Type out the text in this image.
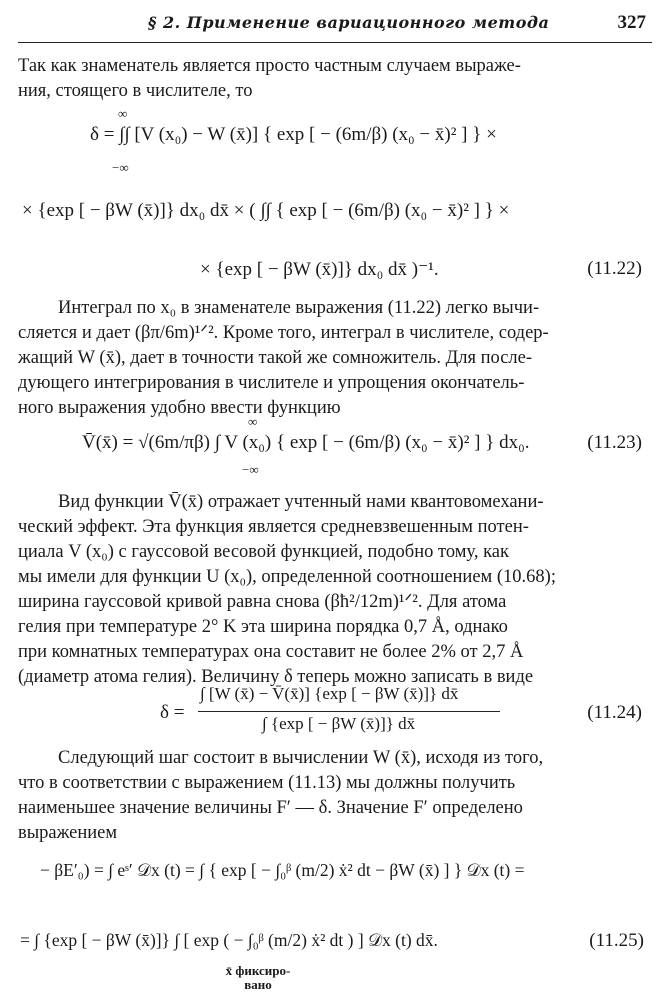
§ 2. Применение вариационного метода	327
Так как знаменатель является просто частным случаем выраже-
ния, стоящего в числителе, то
δ = ∫∫ [V (x₀) − W (x̄)] { exp [ − (6m/β) (x₀ − x̄)² ] } ×
∞
−∞
× {exp [ − βW (x̄)]} dx₀ dx̄ × ( ∫∫ { exp [ − (6m/β) (x₀ − x̄)² ] } ×
× {exp [ − βW (x̄)]} dx₀ dx̄ )⁻¹.	(11.22)
Интеграл по x₀ в знаменателе выражения (11.22) легко вычи-
сляется и дает (βπ/6m)¹ᐟ². Кроме того, интеграл в числителе, содер-
жащий W (x̄), дает в точности такой же сомножитель. Для после-
дующего интегрирования в числителе и упрощения окончатель-
ного выражения удобно ввести функцию
V̄(x̄) = √(6m/πβ) ∫ V (x₀) { exp [ − (6m/β) (x₀ − x̄)² ] } dx₀.
∞
−∞
(11.23)
Вид функции V̄(x̄) отражает учтенный нами квантовомехани-
ческий эффект. Эта функция является средневзвешенным потен-
циала V (x₀) с гауссовой весовой функцией, подобно тому, как
мы имели для функции U (x₀), определенной соотношением (10.68);
ширина гауссовой кривой равна снова (βħ²/12m)¹ᐟ². Для атома
гелия при температуре 2° K эта ширина порядка 0,7 Å, однако
при комнатных температурах она составит не более 2% от 2,7 Å
(диаметр атома гелия). Величину δ теперь можно записать в виде
δ =
∫ [W (x̄) − V̄(x̄)] {exp [ − βW (x̄)]} dx̄
∫ {exp [ − βW (x̄)]} dx̄
(11.24)
Следующий шаг состоит в вычислении W (x̄), исходя из того,
что в соответствии с выражением (11.13) мы должны получить
наименьшее значение величины F′ — δ. Значение F′ определено
выражением
− βE′₀) = ∫ eˢ′ 𝒟x (t) = ∫ { exp [ − ∫₀ᵝ (m/2) ẋ² dt − βW (x̄) ] } 𝒟x (t) =
= ∫ {exp [ − βW (x̄)]} ∫ [ exp ( − ∫₀ᵝ (m/2) ẋ² dt ) ] 𝒟x (t) dx̄.	(11.25)
x̄ фиксиро-
вано
